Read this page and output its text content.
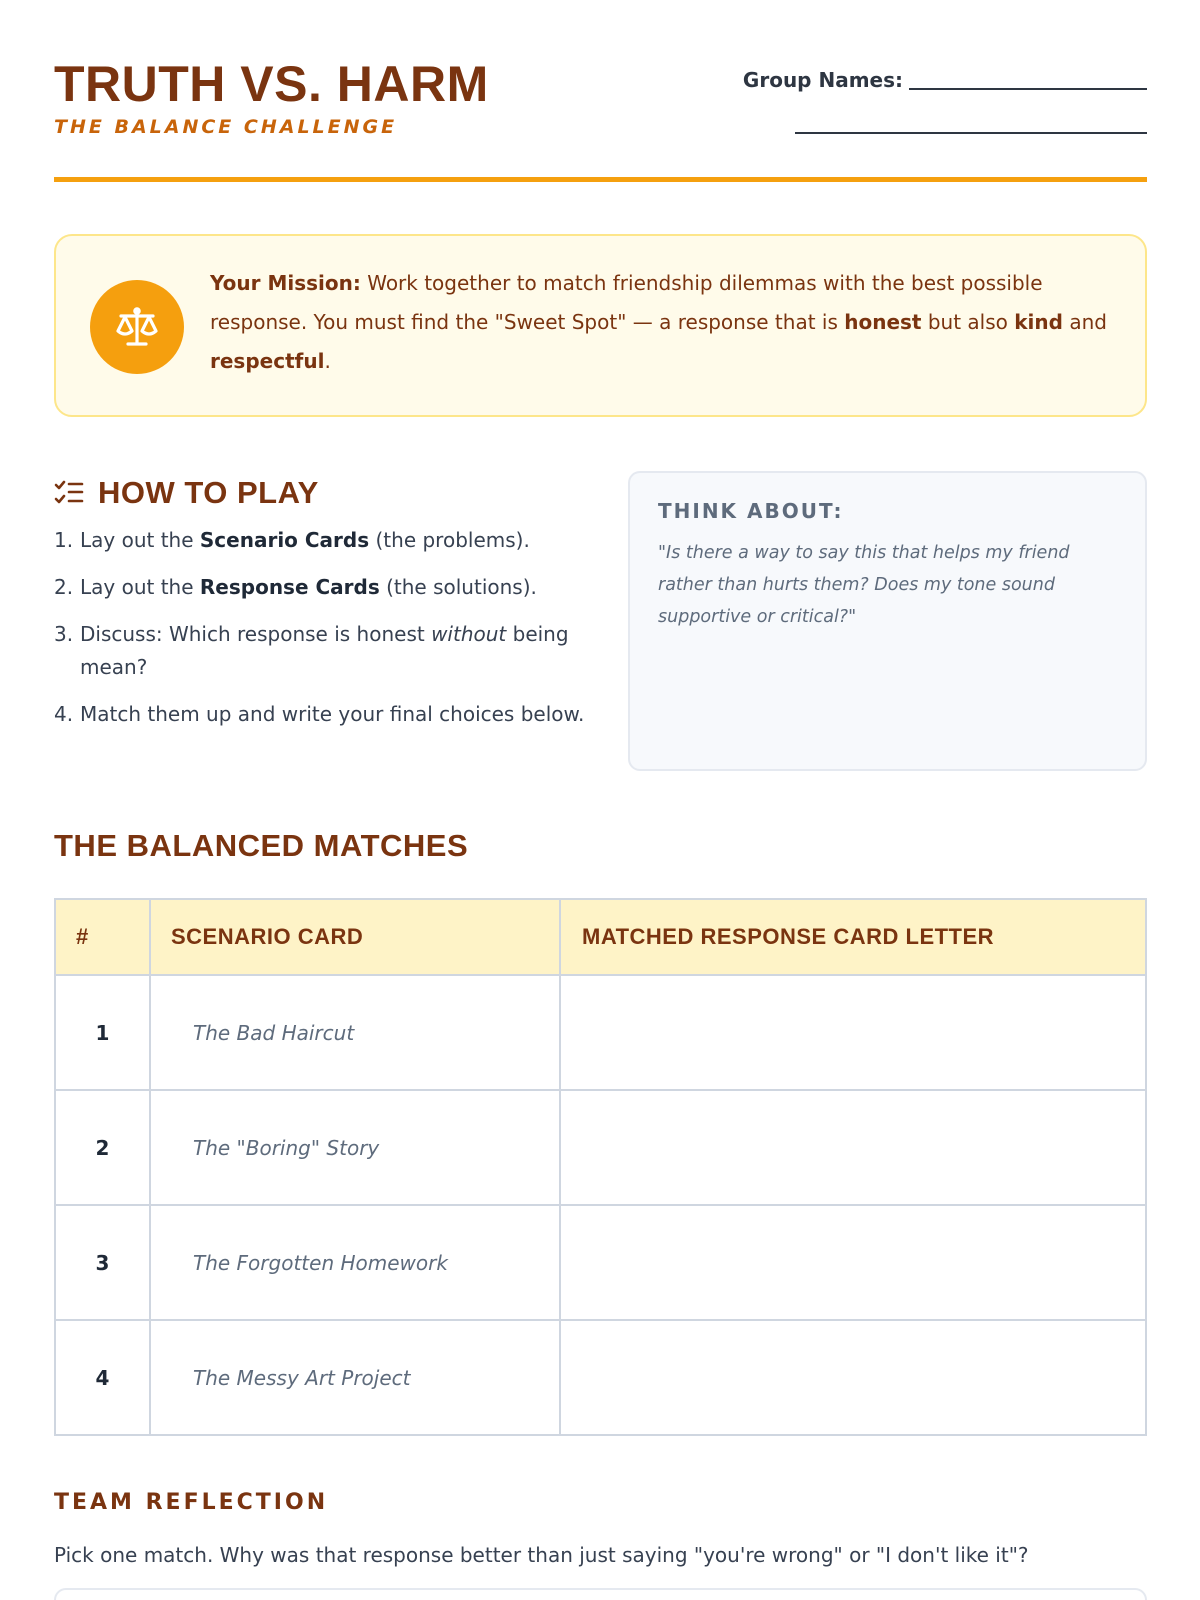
TRUTH VS. HARM
THE BALANCE CHALLENGE
Group Names:
Your Mission: Work together to match friendship dilemmas with the best possible response. You must find the "Sweet Spot" — a response that is honest but also kind and respectful.
HOW TO PLAY
1. Lay out the Scenario Cards (the problems).
2. Lay out the Response Cards (the solutions).
3. Discuss: Which response is honest without being mean?
4. Match them up and write your final choices below.
THINK ABOUT:
"Is there a way to say this that helps my friend rather than hurts them? Does my tone sound supportive or critical?"
THE BALANCED MATCHES
#	SCENARIO CARD	MATCHED RESPONSE CARD LETTER
1	The Bad Haircut
2	The "Boring" Story
3	The Forgotten Homework
4	The Messy Art Project
TEAM REFLECTION
Pick one match. Why was that response better than just saying "you're wrong" or "I don't like it"?
